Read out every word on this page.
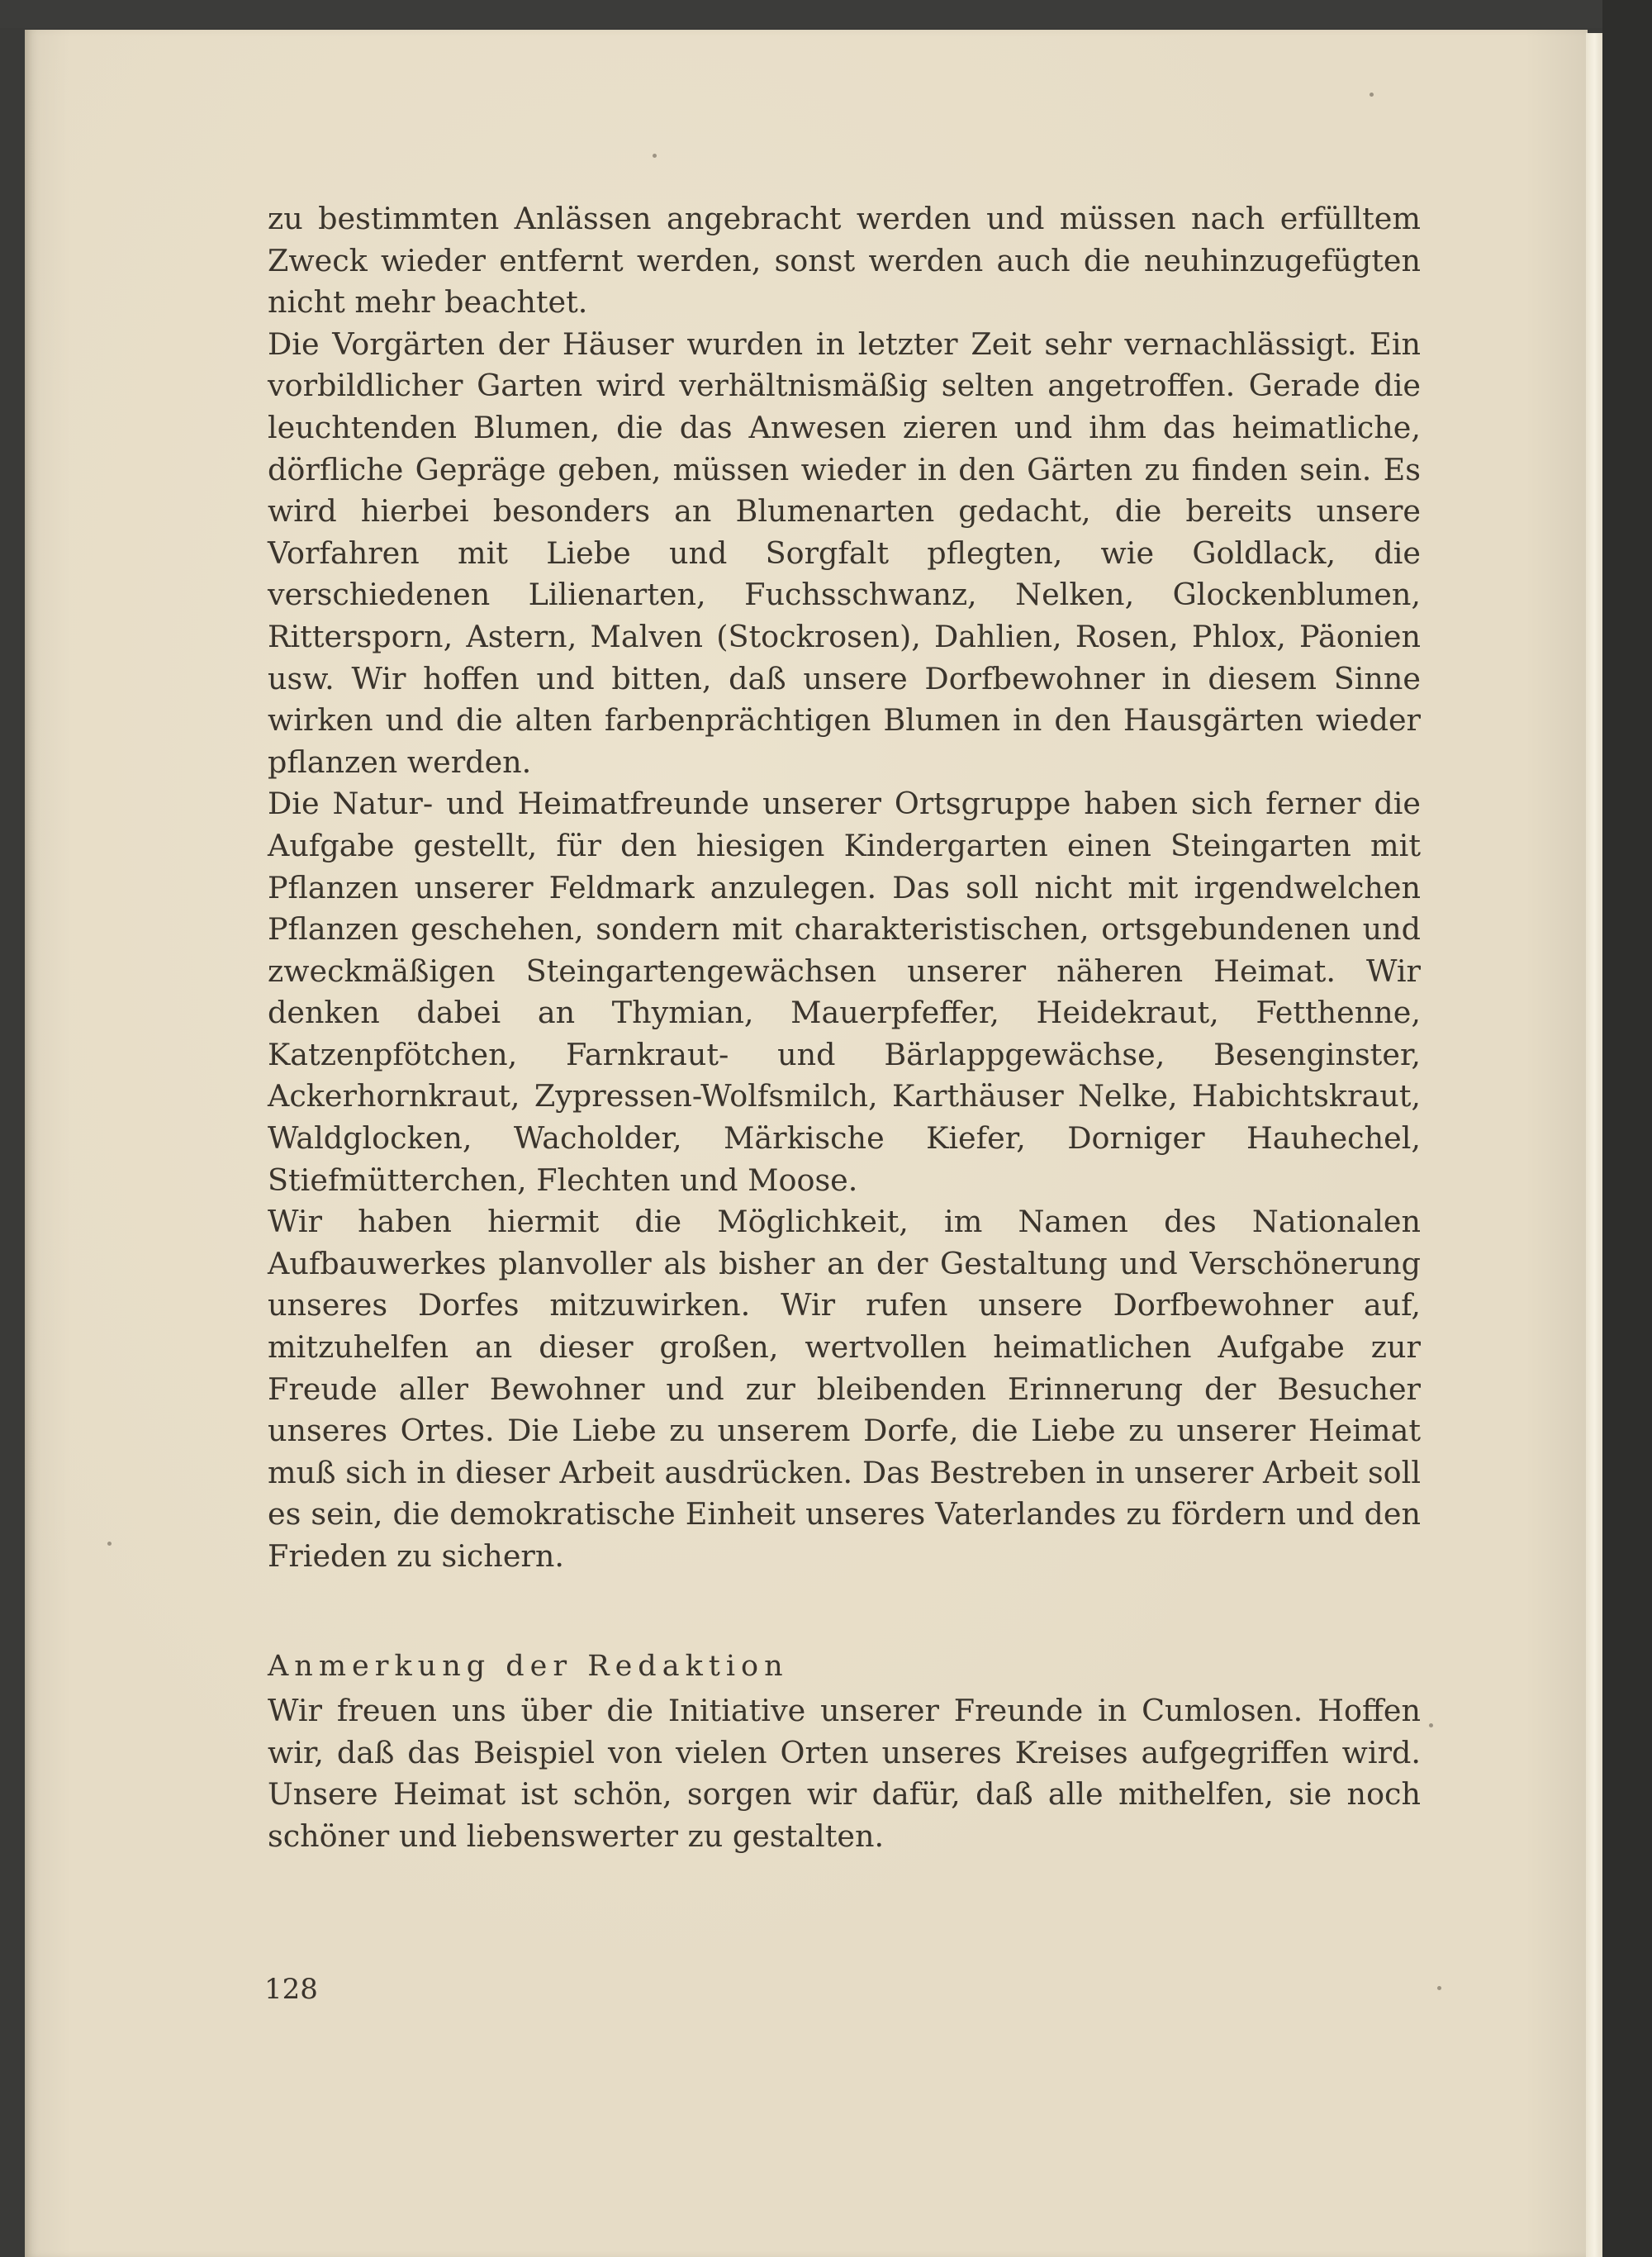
zu bestimmten Anlässen angebracht werden und müssen nach erfülltem Zweck wieder entfernt werden, sonst werden auch die neuhinzugefügten nicht mehr beachtet.

Die Vorgärten der Häuser wurden in letzter Zeit sehr vernachlässigt. Ein vorbildlicher Garten wird verhältnismäßig selten angetroffen. Gerade die leuchtenden Blumen, die das Anwesen zieren und ihm das heimatliche, dörfliche Gepräge geben, müssen wieder in den Gärten zu finden sein. Es wird hierbei besonders an Blumenarten gedacht, die bereits unsere Vorfahren mit Liebe und Sorgfalt pflegten, wie Goldlack, die verschiedenen Lilienarten, Fuchsschwanz, Nelken, Glockenblumen, Rittersporn, Astern, Malven (Stockrosen), Dahlien, Rosen, Phlox, Päonien usw. Wir hoffen und bitten, daß unsere Dorfbewohner in diesem Sinne wirken und die alten farbenprächtigen Blumen in den Hausgärten wieder pflanzen werden.

Die Natur- und Heimatfreunde unserer Ortsgruppe haben sich ferner die Aufgabe gestellt, für den hiesigen Kindergarten einen Steingarten mit Pflanzen unserer Feldmark anzulegen. Das soll nicht mit irgendwelchen Pflanzen geschehen, sondern mit charakteristischen, ortsgebundenen und zweckmäßigen Steingartengewächsen unserer näheren Heimat. Wir denken dabei an Thymian, Mauerpfeffer, Heidekraut, Fetthenne, Katzenpfötchen, Farnkraut- und Bärlappgewächse, Besenginster, Ackerhornkraut, Zypressen-Wolfsmilch, Karthäuser Nelke, Habichtskraut, Waldglocken, Wacholder, Märkische Kiefer, Dorniger Hauhechel, Stiefmütterchen, Flechten und Moose.

Wir haben hiermit die Möglichkeit, im Namen des Nationalen Aufbauwerkes planvoller als bisher an der Gestaltung und Verschönerung unseres Dorfes mitzuwirken. Wir rufen unsere Dorfbewohner auf, mitzuhelfen an dieser großen, wertvollen heimatlichen Aufgabe zur Freude aller Bewohner und zur bleibenden Erinnerung der Besucher unseres Ortes. Die Liebe zu unserem Dorfe, die Liebe zu unserer Heimat muß sich in dieser Arbeit ausdrücken. Das Bestreben in unserer Arbeit soll es sein, die demokratische Einheit unseres Vaterlandes zu fördern und den Frieden zu sichern.

Anmerkung der Redaktion

Wir freuen uns über die Initiative unserer Freunde in Cumlosen. Hoffen wir, daß das Beispiel von vielen Orten unseres Kreises aufgegriffen wird. Unsere Heimat ist schön, sorgen wir dafür, daß alle mithelfen, sie noch schöner und liebenswerter zu gestalten.

128
